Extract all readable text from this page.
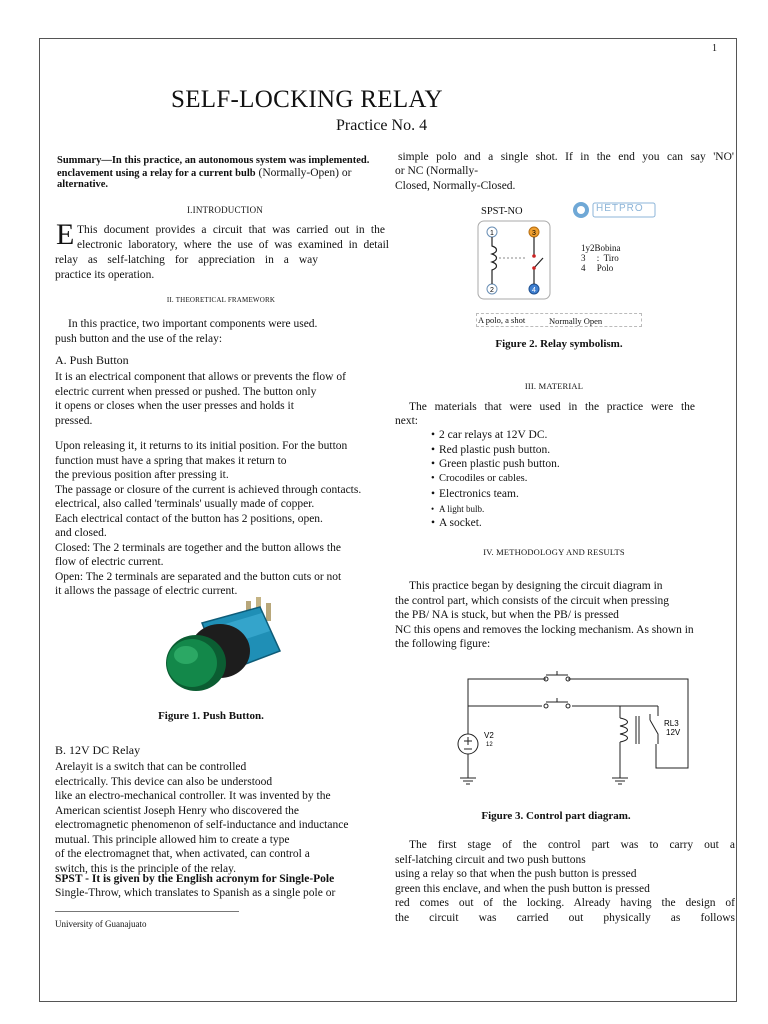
1
SELF-LOCKING RELAY
Practice No. 4
Summary—In this practice, an autonomous system was implemented.
enclavement using a relay for a current bulb (Normally-Open) or
alternative.
I.INTRODUCTION
E This document provides a circuit that was carried out in the
electronic laboratory, where the use of was examined in detail
relay as self-latching for appreciation in a way
practice its operation.
II. THEORETICAL FRAMEWORK
In this practice, two important components were used.
push button and the use of the relay:
A. Push Button

It is an electrical component that allows or prevents the flow of

electric current when pressed or pushed. The button only

it opens or closes when the user presses and holds it

pressed.

Upon releasing it, it returns to its initial position. For the button

function must have a spring that makes it return to

the previous position after pressing it.

The passage or closure of the current is achieved through contacts.

electrical, also called 'terminals' usually made of copper.

Each electrical contact of the button has 2 positions, open.

and closed.

Closed: The 2 terminals are together and the button allows the

flow of electric current.

Open: The 2 terminals are separated and the button cuts or not

it allows the passage of electric current.

Figure 1. Push Button.
B. 12V DC Relay

Arelayit is a switch that can be controlled

electrically. This device can also be understood

like an electro-mechanical controller. It was invented by the

American scientist Joseph Henry who discovered the

electromagnetic phenomenon of self-inductance and inductance

mutual. This principle allowed him to create a type

of the electromagnet that, when activated, can control a

switch, this is the principle of the relay.

SPST - It is given by the English acronym for Single-Pole
Single-Throw, which translates to Spanish as a single pole or
University of Guanajuato
simple polo and a single shot. If in the end you can say 'NO'
or NC (Normally-
Closed, Normally-Closed.
SPST-NO	HETPRO
1	3
2	4
1y2Bobina
3     :  Tiro
4     Polo
A polo, a shot	Normally Open
Figure 2. Relay symbolism.
III. MATERIAL
The materials that were used in the practice were the
next:
• 2 car relays at 12V DC.
• Red plastic push button.
• Green plastic push button.
• Crocodiles or cables.
• Electronics team.
• A light bulb.
• A socket.
IV. METHODOLOGY AND RESULTS

This practice began by designing the circuit diagram in

the control part, which consists of the circuit when pressing

the PB/ NA is stuck, but when the PB/ is pressed

NC this opens and removes the locking mechanism. As shown in

the following figure:

V2
12
RL3
12V
Figure 3. Control part diagram.

The first stage of the control part was to carry out a

self-latching circuit and two push buttons

using a relay so that when the push button is pressed

green this enclave, and when the push button is pressed

red comes out of the locking. Already having the design of

the circuit was carried out physically as follows
